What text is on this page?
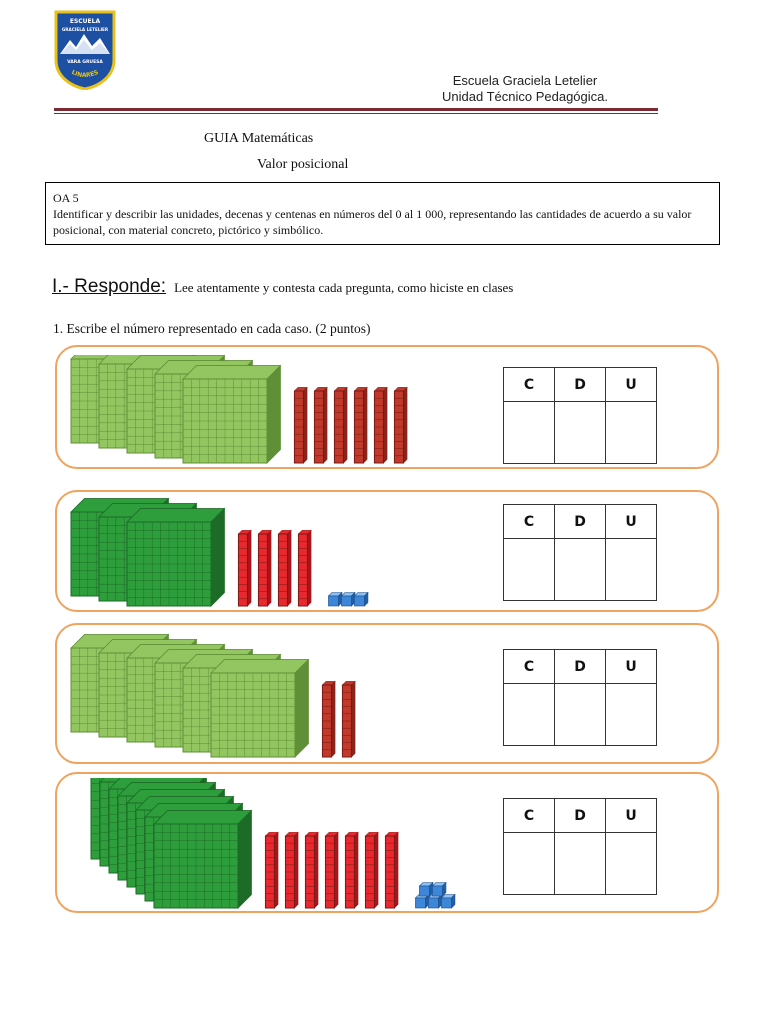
ESCUELA
GRACIELA LETELIER
VARA GRUESA
LINARES
Escuela Graciela Letelier
Unidad Técnico Pedagógica.
GUIA Matemáticas
Valor posicional
OA 5
Identificar y describir las unidades, decenas y centenas en números del 0 al 1 000, representando las cantidades de acuerdo a su valor posicional, con material concreto, pictórico y simbólico.
I.- Responde: Lee atentamente y contesta cada pregunta, como hiciste en clases
1. Escribe el número representado en cada caso. (2 puntos)
C	D	U

C	D	U

C	D	U

C	D	U
